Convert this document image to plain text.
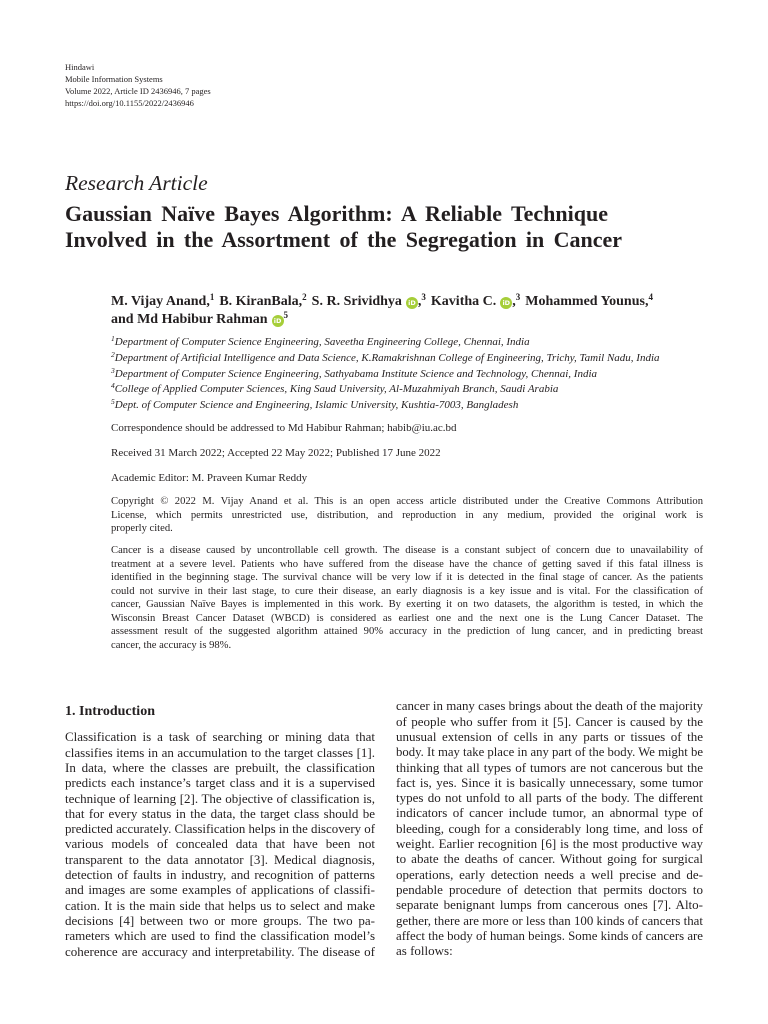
Hindawi
Mobile Information Systems
Volume 2022, Article ID 2436946, 7 pages
https://doi.org/10.1155/2022/2436946
Research Article
Gaussian Naïve Bayes Algorithm: A Reliable Technique
Involved in the Assortment of the Segregation in Cancer
M. Vijay Anand,$^1$ B. KiranBala,$^2$ S. R. Srividhya iD ,$^3$ Kavitha C. iD ,$^3$ Mohammed Younus,$^4$
and Md Habibur Rahman $iD^5$
$^1$Department of Computer Science Engineering, Saveetha Engineering College, Chennai, India
$^2$Department of Artificial Intelligence and Data Science, K.Ramakrishnan College of Engineering, Trichy, Tamil Nadu, India
$^3$Department of Computer Science Engineering, Sathyabama Institute Science and Technology, Chennai, India
$^4$College of Applied Computer Sciences, King Saud University, Al-Muzahmiyah Branch, Saudi Arabia
$^5$Dept. of Computer Science and Engineering, Islamic University, Kushtia-7003, Bangladesh
Correspondence should be addressed to Md Habibur Rahman; habib@iu.ac.bd
Received 31 March 2022; Accepted 22 May 2022; Published 17 June 2022
Academic Editor: M. Praveen Kumar Reddy
Copyright © 2022 M. Vijay Anand et al. This is an open access article distributed under the Creative Commons Attribution
License, which permits unrestricted use, distribution, and reproduction in any medium, provided the original work is
properly cited.
Cancer is a disease caused by uncontrollable cell growth. The disease is a constant subject of concern due to unavailability of
treatment at a severe level. Patients who have suffered from the disease have the chance of getting saved if this fatal illness is
identified in the beginning stage. The survival chance will be very low if it is detected in the final stage of cancer. As the patients
could not survive in their last stage, to cure their disease, an early diagnosis is a key issue and is vital. For the classification of
cancer, Gaussian Naïve Bayes is implemented in this work. By exerting it on two datasets, the algorithm is tested, in which the
Wisconsin Breast Cancer Dataset (WBCD) is considered as earliest one and the next one is the Lung Cancer Dataset. The
assessment result of the suggested algorithm attained 90% accuracy in the prediction of lung cancer, and in predicting breast
cancer, the accuracy is 98%.
1. Introduction
Classification is a task of searching or mining data that
classifies items in an accumulation to the target classes [1].
In data, where the classes are prebuilt, the classification
predicts each instance’s target class and it is a supervised
technique of learning [2]. The objective of classification is,
that for every status in the data, the target class should be
predicted accurately. Classification helps in the discovery of
various models of concealed data that have been not
transparent to the data annotator [3]. Medical diagnosis,
detection of faults in industry, and recognition of patterns
and images are some examples of applications of classifi-
cation. It is the main side that helps us to select and make
decisions [4] between two or more groups. The two pa-
rameters which are used to find the classification model’s
coherence are accuracy and interpretability. The disease of
cancer in many cases brings about the death of the majority
of people who suffer from it [5]. Cancer is caused by the
unusual extension of cells in any parts or tissues of the
body. It may take place in any part of the body. We might be
thinking that all types of tumors are not cancerous but the
fact is, yes. Since it is basically unnecessary, some tumor
types do not unfold to all parts of the body. The different
indicators of cancer include tumor, an abnormal type of
bleeding, cough for a considerably long time, and loss of
weight. Earlier recognition [6] is the most productive way
to abate the deaths of cancer. Without going for surgical
operations, early detection needs a well precise and de-
pendable procedure of detection that permits doctors to
separate benignant lumps from cancerous ones [7]. Alto-
gether, there are more or less than 100 kinds of cancers that
affect the body of human beings. Some kinds of cancers are
as follows:
